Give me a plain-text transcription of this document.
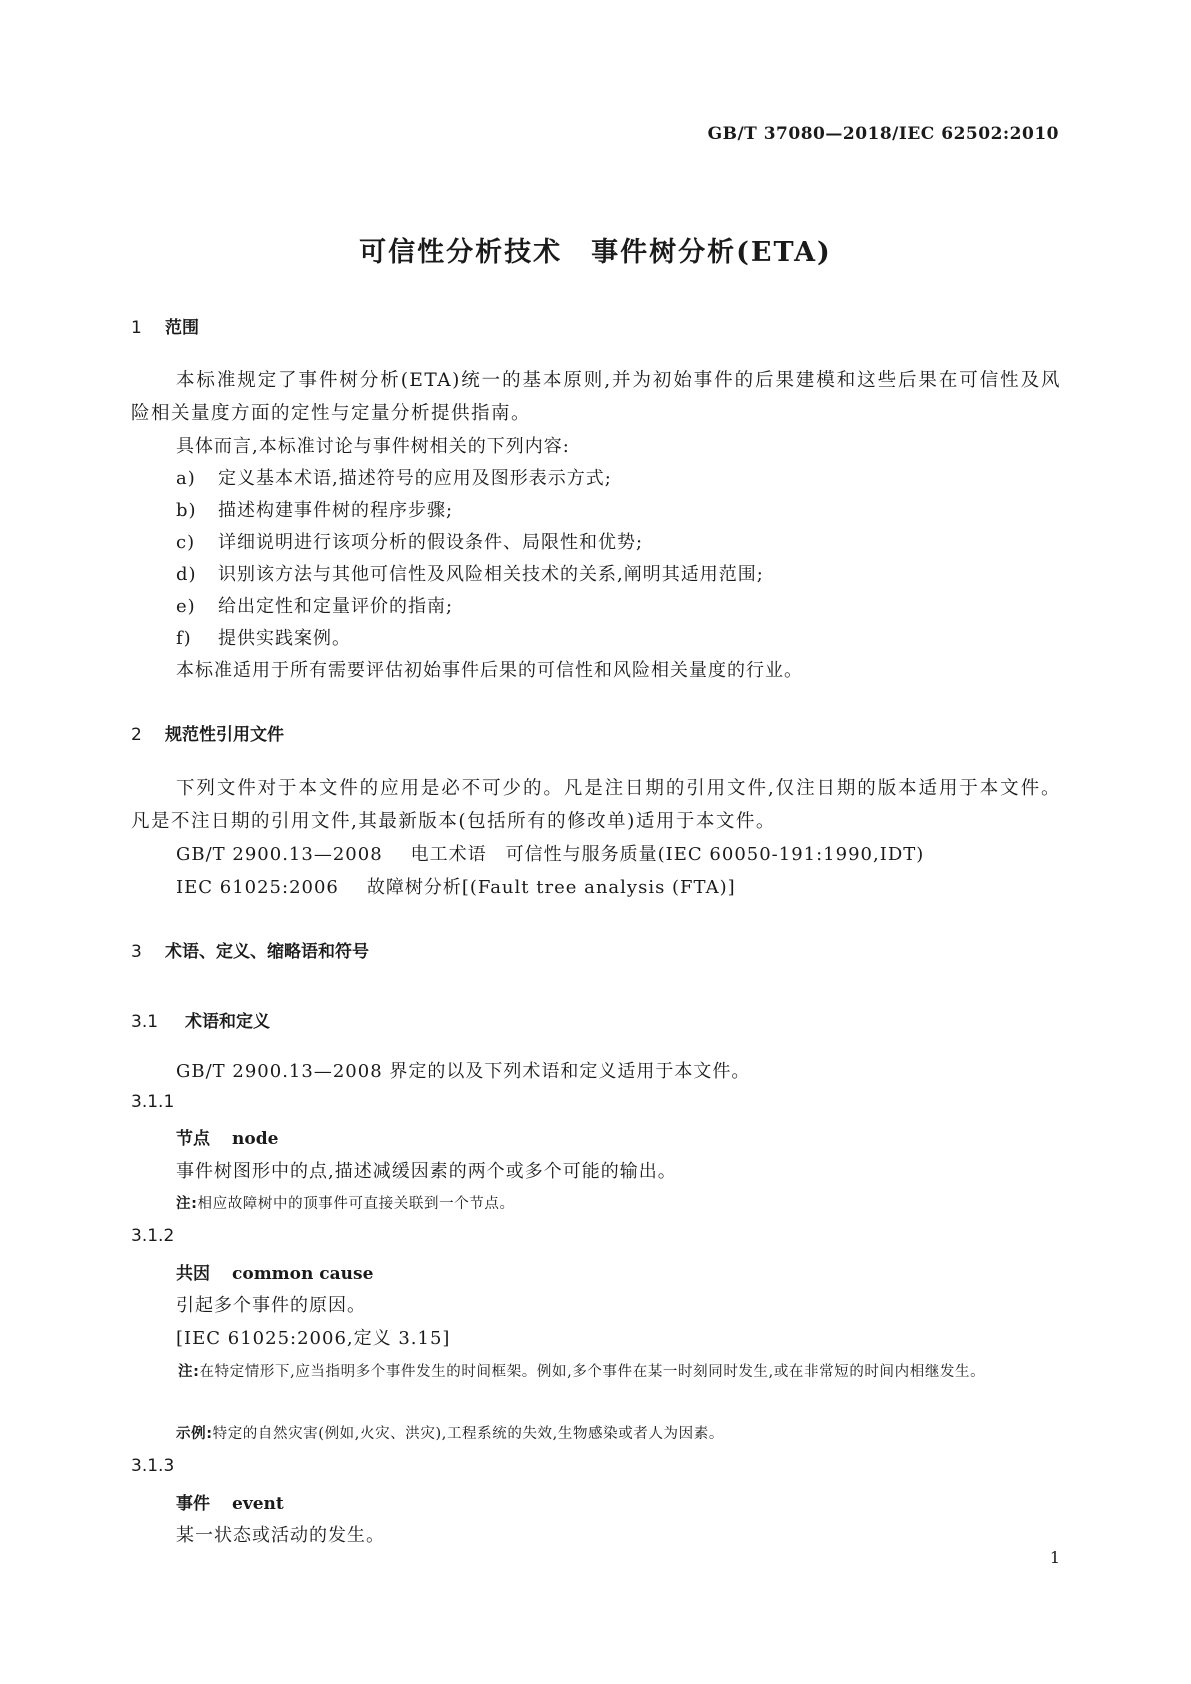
GB/T 37080—2018/IEC 62502:2010
可信性分析技术　事件树分析(ETA)
1 范围
本标准规定了事件树分析(ETA)统一的基本原则,并为初始事件的后果建模和这些后果在可信性及风险相关量度方面的定性与定量分析提供指南。
具体而言,本标准讨论与事件树相关的下列内容:
a) 定义基本术语,描述符号的应用及图形表示方式;
b) 描述构建事件树的程序步骤;
c) 详细说明进行该项分析的假设条件、局限性和优势;
d) 识别该方法与其他可信性及风险相关技术的关系,阐明其适用范围;
e) 给出定性和定量评价的指南;
f) 提供实践案例。
本标准适用于所有需要评估初始事件后果的可信性和风险相关量度的行业。
2 规范性引用文件
下列文件对于本文件的应用是必不可少的。凡是注日期的引用文件,仅注日期的版本适用于本文件。凡是不注日期的引用文件,其最新版本(包括所有的修改单)适用于本文件。
GB/T 2900.13—2008 电工术语　可信性与服务质量(IEC 60050-191:1990,IDT)
IEC 61025:2006 故障树分析[(Fault tree analysis (FTA)]
3 术语、定义、缩略语和符号
3.1 术语和定义
GB/T 2900.13—2008 界定的以及下列术语和定义适用于本文件。
3.1.1
节点 node
事件树图形中的点,描述减缓因素的两个或多个可能的输出。
注:相应故障树中的顶事件可直接关联到一个节点。
3.1.2
共因 common cause
引起多个事件的原因。
[IEC 61025:2006,定义 3.15]
注:在特定情形下,应当指明多个事件发生的时间框架。例如,多个事件在某一时刻同时发生,或在非常短的时间内相继发生。
示例:特定的自然灾害(例如,火灾、洪灾),工程系统的失效,生物感染或者人为因素。
3.1.3
事件 event
某一状态或活动的发生。
1
